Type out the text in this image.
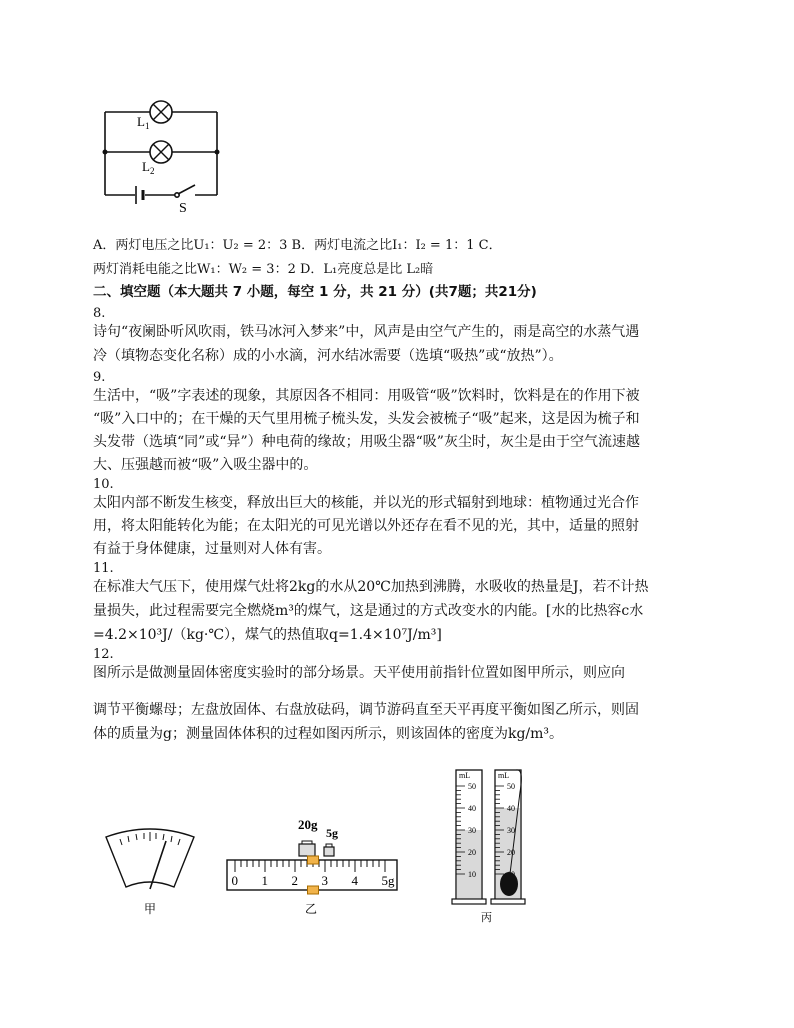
$L_1$
$L_2$
S
A．两灯电压之比U₁：U₂ = 2：3 B．两灯电流之比I₁：I₂ = 1：1 C．
两灯消耗电能之比W₁：W₂ = 3：2 D．L₁亮度总是比 L₂暗
二、填空题（本大题共 7 小题，每空 1 分，共 21 分）(共7题；共21分)
8.
诗句“夜阑卧听风吹雨，铁马冰河入梦来”中，风声是由空气产生的，雨是高空的水蒸气遇
冷（填物态变化名称）成的小水滴，河水结冰需要（选填“吸热”或“放热”）。
9.
生活中，“吸”字表述的现象，其原因各不相同：用吸管“吸”饮料时，饮料是在的作用下被
“吸”入口中的；在干燥的天气里用梳子梳头发，头发会被梳子“吸”起来，这是因为梳子和
头发带（选填“同”或“异”）种电荷的缘故；用吸尘器“吸”灰尘时，灰尘是由于空气流速越
大、压强越而被“吸”入吸尘器中的。
10.
太阳内部不断发生核变，释放出巨大的核能，并以光的形式辐射到地球：植物通过光合作
用，将太阳能转化为能；在太阳光的可见光谱以外还存在看不见的光，其中，适量的照射
有益于身体健康，过量则对人体有害。
11.
在标准大气压下，使用煤气灶将2kg的水从20℃加热到沸腾，水吸收的热量是J，若不计热
量损失，此过程需要完全燃烧m³的煤气，这是通过的方式改变水的内能。[水的比热容c水
=4.2×10³J/（kg·℃），煤气的热值取q=1.4×10⁷J/m³]
12.
图所示是做测量固体密度实验时的部分场景。天平使用前指针位置如图甲所示，则应向
调节平衡螺母；左盘放固体、右盘放砝码，调节游码直至天平再度平衡如图乙所示，则固
体的质量为g；测量固体体积的过程如图丙所示，则该固体的密度为kg/m³。
甲
20g
5g
0 1 2 3 4 5g
乙
mL
50
40
30
20
10
mL
50
40
30
20
丙
